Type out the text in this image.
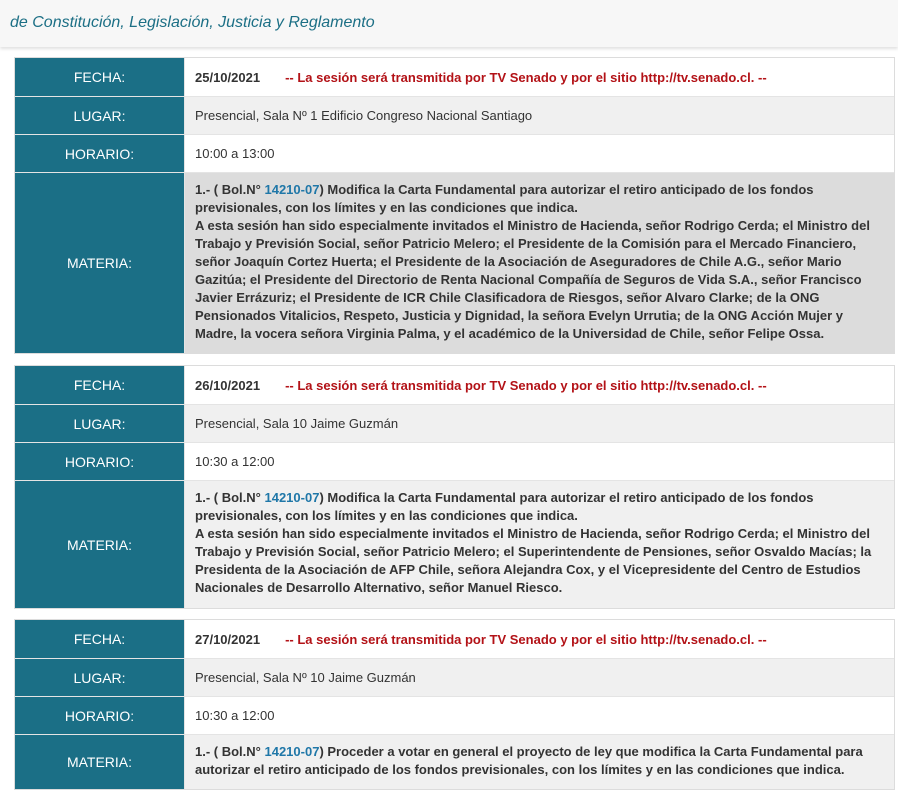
de Constitución, Legislación, Justicia y Reglamento
FECHA:	25/10/2021 -- La sesión será transmitida por TV Senado y por el sitio http://tv.senado.cl. --
LUGAR:	Presencial, Sala Nº 1 Edificio Congreso Nacional Santiago
HORARIO:	10:00 a 13:00
MATERIA:
1.- ( Bol.N° 14210-07) Modifica la Carta Fundamental para autorizar el retiro anticipado de los fondos previsionales, con los límites y en las condiciones que indica.
A esta sesión han sido especialmente invitados el Ministro de Hacienda, señor Rodrigo Cerda; el Ministro del Trabajo y Previsión Social, señor Patricio Melero; el Presidente de la Comisión para el Mercado Financiero, señor Joaquín Cortez Huerta; el Presidente de la Asociación de Aseguradores de Chile A.G., señor Mario Gazitúa; el Presidente del Directorio de Renta Nacional Compañía de Seguros de Vida S.A., señor Francisco Javier Errázuriz; el Presidente de ICR Chile Clasificadora de Riesgos, señor Alvaro Clarke; de la ONG Pensionados Vitalicios, Respeto, Justicia y Dignidad, la señora Evelyn Urrutia; de la ONG Acción Mujer y Madre, la vocera señora Virginia Palma, y el académico de la Universidad de Chile, señor Felipe Ossa.
FECHA:	26/10/2021 -- La sesión será transmitida por TV Senado y por el sitio http://tv.senado.cl. --
LUGAR:	Presencial, Sala 10 Jaime Guzmán
HORARIO:	10:30 a 12:00
MATERIA:
1.- ( Bol.N° 14210-07) Modifica la Carta Fundamental para autorizar el retiro anticipado de los fondos previsionales, con los límites y en las condiciones que indica.
A esta sesión han sido especialmente invitados el Ministro de Hacienda, señor Rodrigo Cerda; el Ministro del Trabajo y Previsión Social, señor Patricio Melero; el Superintendente de Pensiones, señor Osvaldo Macías; la Presidenta de la Asociación de AFP Chile, señora Alejandra Cox, y el Vicepresidente del Centro de Estudios Nacionales de Desarrollo Alternativo, señor Manuel Riesco.
FECHA:	27/10/2021 -- La sesión será transmitida por TV Senado y por el sitio http://tv.senado.cl. --
LUGAR:	Presencial, Sala Nº 10 Jaime Guzmán
HORARIO:	10:30 a 12:00
MATERIA:
1.- ( Bol.N° 14210-07) Proceder a votar en general el proyecto de ley que modifica la Carta Fundamental para autorizar el retiro anticipado de los fondos previsionales, con los límites y en las condiciones que indica.
